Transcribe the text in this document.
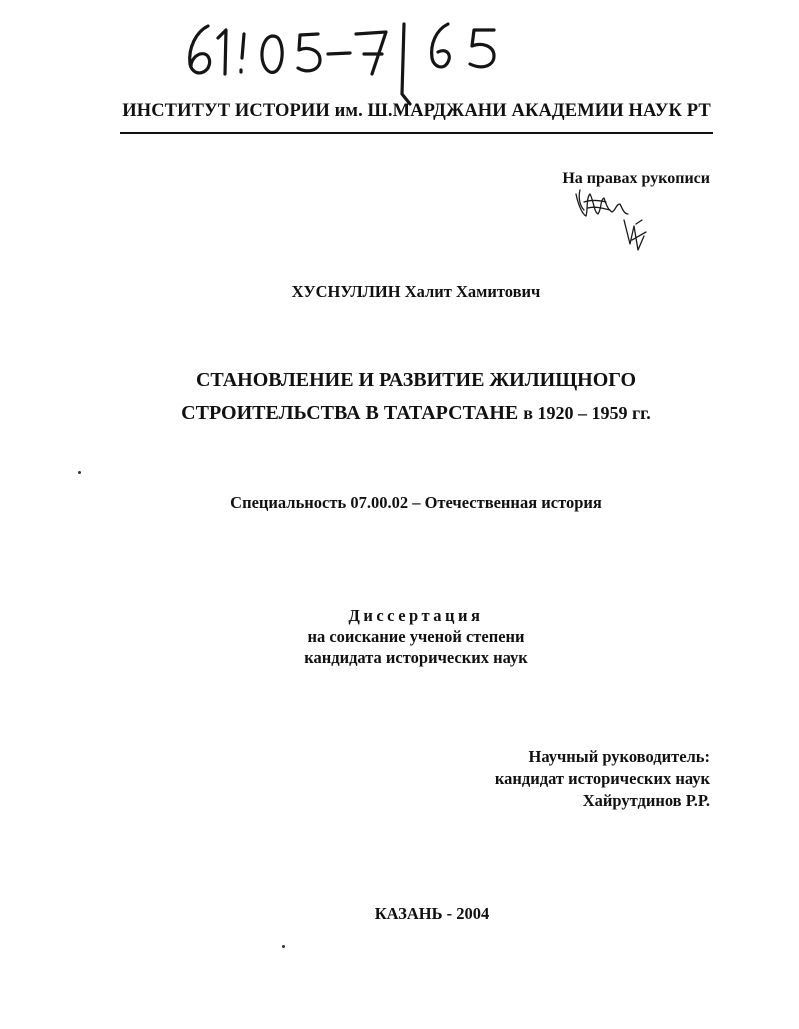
ИНСТИТУТ ИСТОРИИ им. Ш.МАРДЖАНИ АКАДЕМИИ НАУК РТ
На правах рукописи
ХУСНУЛЛИН Халит Хамитович
СТАНОВЛЕНИЕ И РАЗВИТИЕ ЖИЛИЩНОГО
СТРОИТЕЛЬСТВА В ТАТАРСТАНЕ в 1920 – 1959 гг.
Специальность 07.00.02 – Отечественная история
Диссертация
на соискание ученой степени
кандидата исторических наук
Научный руководитель:
кандидат исторических наук
Хайрутдинов Р.Р.
КАЗАНЬ - 2004
